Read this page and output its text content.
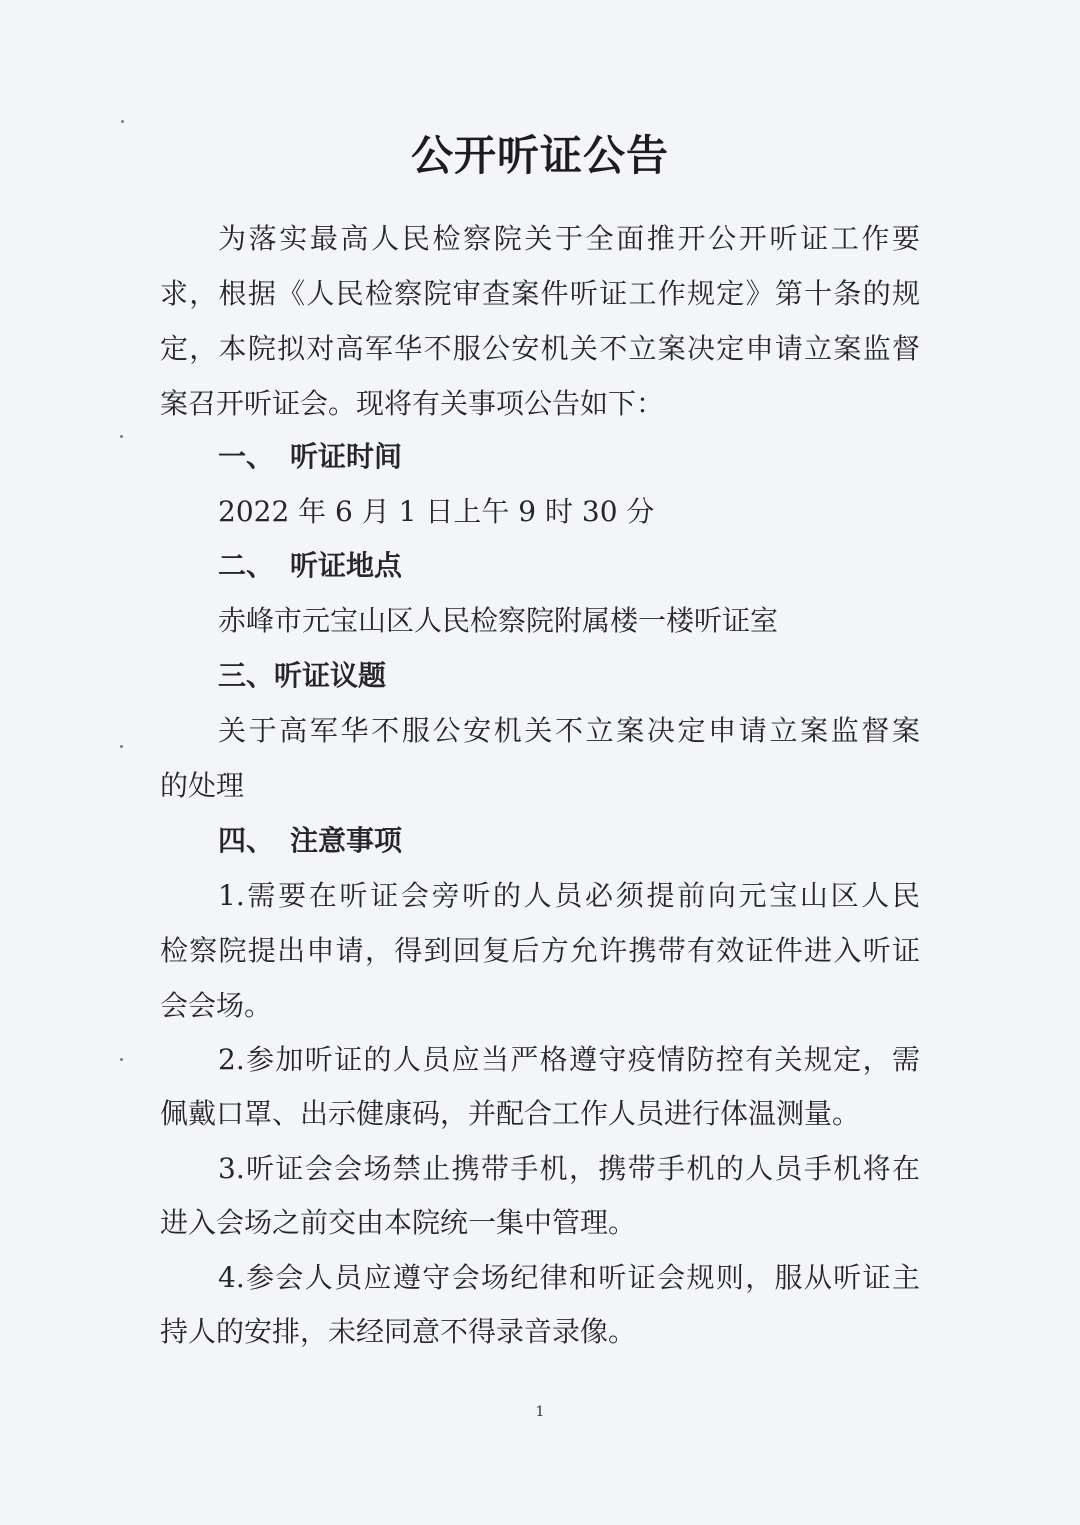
公开听证公告
为落实最高人民检察院关于全面推开公开听证工作要
求，根据《人民检察院审查案件听证工作规定》第十条的规
定，本院拟对高军华不服公安机关不立案决定申请立案监督
案召开听证会。现将有关事项公告如下：
一、 听证时间
2022 年 6 月 1 日上午 9 时 30 分
二、 听证地点
赤峰市元宝山区人民检察院附属楼一楼听证室
三、听证议题
关于高军华不服公安机关不立案决定申请立案监督案
的处理
四、 注意事项
1.需要在听证会旁听的人员必须提前向元宝山区人民
检察院提出申请，得到回复后方允许携带有效证件进入听证
会会场。
2.参加听证的人员应当严格遵守疫情防控有关规定，需
佩戴口罩、出示健康码，并配合工作人员进行体温测量。
3.听证会会场禁止携带手机，携带手机的人员手机将在
进入会场之前交由本院统一集中管理。
4.参会人员应遵守会场纪律和听证会规则，服从听证主
持人的安排，未经同意不得录音录像。
1
